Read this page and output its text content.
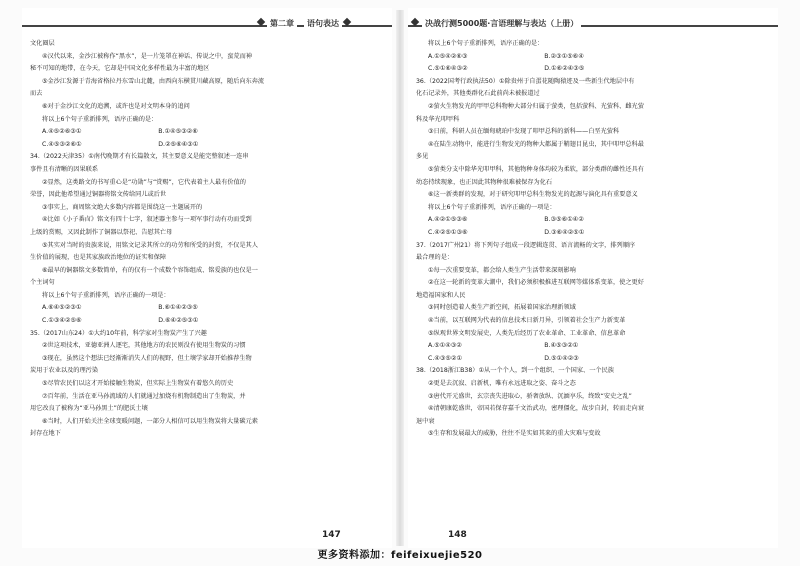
第二章	语句表达
文化圈层
④汉代以来，金沙江被称作“黑水”，是一片笼罩在神话、传说之中，蛮荒而神
秘不可知的地带，在今天，它却是中国文化多样性最为丰富的地区
⑤金沙江发源于青海省格拉丹东雪山北麓，由西向东横贯川藏高原，随后向东奔流
而去
⑥对于金沙江文化的追溯，或许也是对文明本身的追问
将以上6个句子重新排列，语序正确的是：
A.④⑤②⑥③①	B.①④⑤③②⑥
C.④⑤③②⑥①	D.②⑤⑥④③①
34.（2022天津35）①南代晚期才有长篇散文，其主要意义是能完整叙述一连串
事件且有清晰的因果联系
②显然，这类路文的书写重心是“功勋”与“赏赐”，它代表着主人最有价值的
荣誉，因此他希望通过铜器将铭文传给同儿或后世
③事实上，商周铭文绝大多数内容都是围绕这一主题展开的
④比如《小子番卣》铭文有四十七字，叙述器主参与一项军事行动有功而受到
上级的赏赐，又因此制作了铜器以祭祀、告慰其亡母
⑤其实对当时的贵族来说，用铭文记录其所立的功劳和所受的封赏，不仅是其人
生价值的展现，也是其家族政治地位的证实和保障
⑥最早的铜器铭文多数简单，有的仅有一个成数个容饰组成、铭爱族的也仅是一
个主词句
将以上6个句子重新排列，语序正确的一项是：
A.⑥④⑤②③①	B.⑥①④②③⑤
C.①③④②⑤⑥	D.⑥④②⑤③①
35.（2017山东24）①大约10年前，科学家对生物炭产生了兴趣
②世这项技术，亚德亚洲人逐宅，其他地方的农民则没有使用生物炭的习惯
③现在，虽然这个想法已经渐渐消失人们的视野，但土壤学家却开始推荐生物
炭用于农业以及的理污染
⑤尽管农民们以这才开始接触生物炭，但实际上生物炭有着悠久的历史
⑦百年前，生活在亚马孙流域的人们就通过加烧有机物制造出了生物炭，并
用它改良了被称为“亚马孙黑土”的肥沃土壤
⑥当时，人们开始关注全球变暖问题，一部分人相信可以用生物炭将大量碳元素
封存在地下
147
决战行测5000题·言语理解与表达（上册）
将以上6个句子重新排列，语序正确的是：
A.①⑤④②⑥③	B.②③①⑤⑥④
C.⑤①⑥④③②	D.①⑥②④③⑤
36.（2022国考行政执法50）①除贵州于自蛋花随陶猿迹及一些新生代地层中有
化石记录外，其他类群化石此前尚未被报道过
②萤火生物发光的甲甲总科物种大部分归属于萤类，包括萤科、光萤科、雌光萤
科及华光叩甲科
③日前，科研人员在缅甸琥珀中发现了叩甲总科的新科——白垩光萤科
④在陆生动物中，能进行生物发光的物种大都属于鞘翅目昆虫，其中叩甲总科最
多见
⑤萤类分支中除华光叩甲科，其他物种身体均较为柔软，部分类群的雌性还具有
幼态持续现象，也正因此其物种很难被保存为化石
⑥这一新类群的发现，对于研究叩甲总科生物发光的起源与演化具有重要意义
将以上6个句子重新排列，语序正确的一项是：
A.④②①⑤③⑥	B.③⑤⑥①④②
C.④②⑤①③⑥	D.③⑥④②⑤①
37.（2017广州21）将下列句子组成一段逻辑连贯、语言流畅的文字，排列顺序
最合理的是：
①每一次重要变革，都会给人类生产生活带来深刻影响
②在这一轮新的变革大潮中，我们必须积极推进互联网等媒体系变革，使之更好
地造福国家和人民
③同时创造着人类生产新空间，拓展着国家治理新领域
④当前，以互联网为代表的信息技术日新月异，引领着社会生产力新变革
⑤纵观世界文明发展史，人类先后经历了农业革命、工业革命、信息革命
A.⑤①④③②	B.④⑤③②①
C.④③⑤②①	D.⑤①④②③
38.（2018浙江B38）①从一个个人，到一个组织、一个国家、一个民族
②更是去沉寂、启新机，唯有永远进取之姿、奋斗之态
③唐代开元盛世，玄宗丧失进取心，骄奢放纵、沉湎享乐，终致“安史之乱”
④清朝康乾盛世，帝国若保存嘉千文治武功，密理僵化，故步自封，转而走向衰
退中衰
⑤生存和发展最大的威胁，往往不是实如其来的重大灾难与变故
148
更多资料添加：feifeixuejie520
